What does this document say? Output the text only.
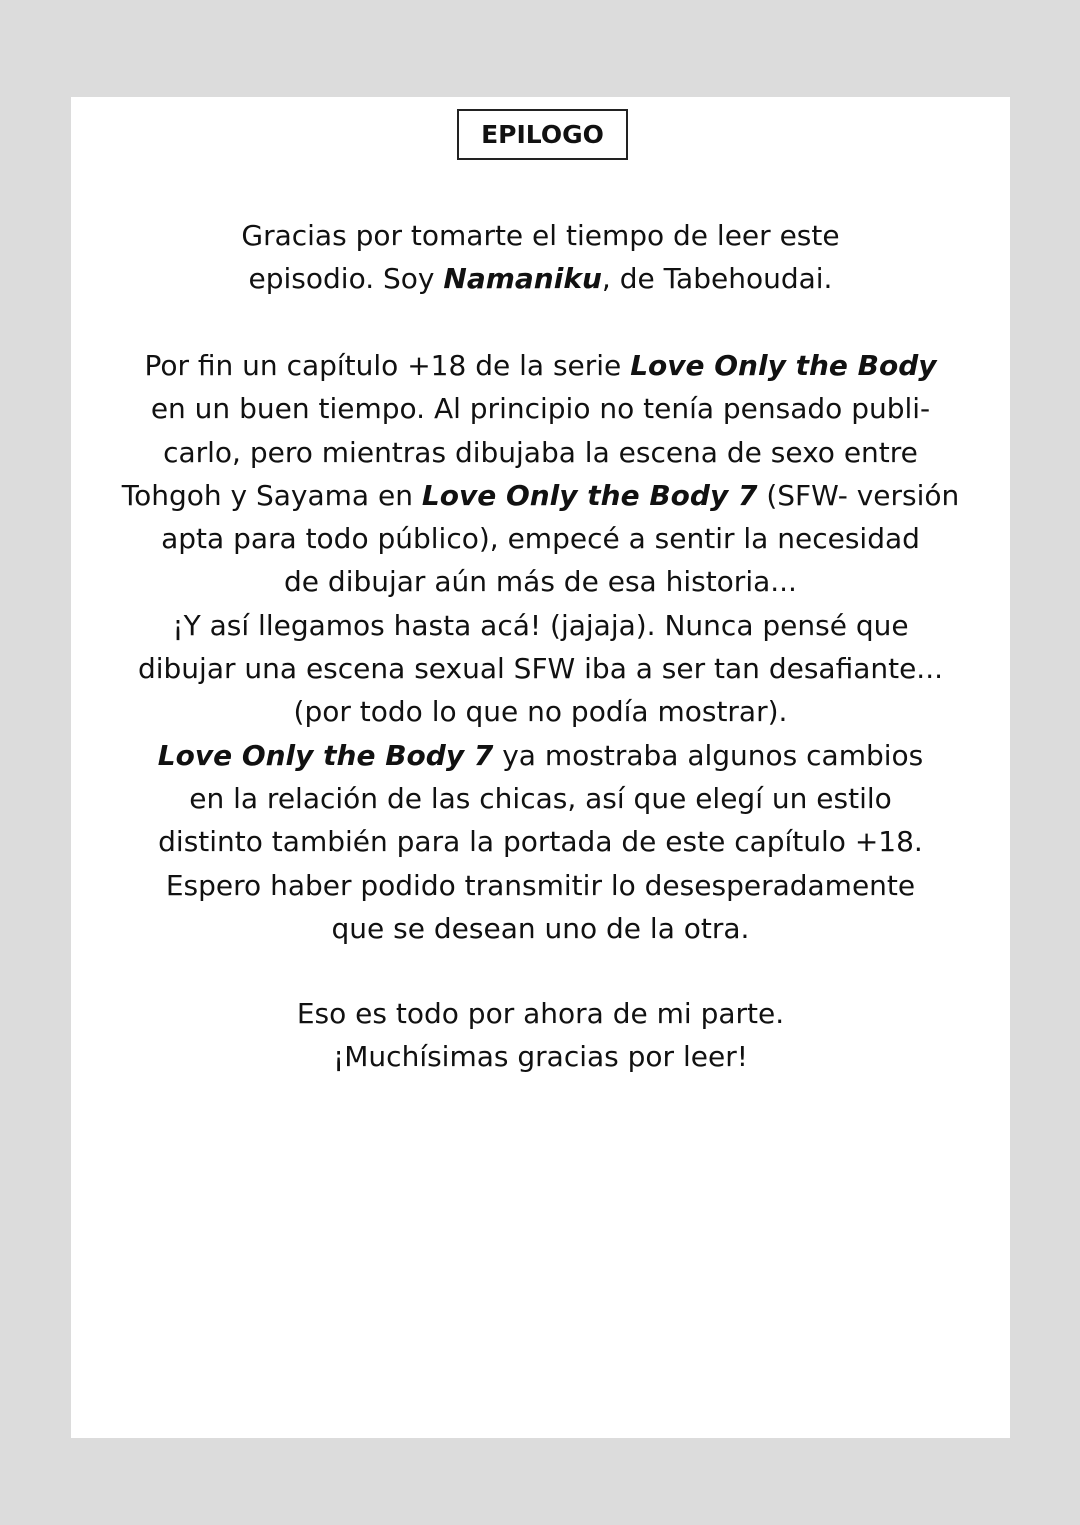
EPILOGO
Gracias por tomarte el tiempo de leer este
episodio. Soy Namaniku, de Tabehoudai.
Por fin un capítulo +18 de la serie Love Only the Body
en un buen tiempo. Al principio no tenía pensado publi-
carlo, pero mientras dibujaba la escena de sexo entre
Tohgoh y Sayama en Love Only the Body 7 (SFW- versión
apta para todo público), empecé a sentir la necesidad
de dibujar aún más de esa historia...
¡Y así llegamos hasta acá! (jajaja). Nunca pensé que
dibujar una escena sexual SFW iba a ser tan desafiante...
(por todo lo que no podía mostrar).
Love Only the Body 7 ya mostraba algunos cambios
en la relación de las chicas, así que elegí un estilo
distinto también para la portada de este capítulo +18.
Espero haber podido transmitir lo desesperadamente
que se desean uno de la otra.
Eso es todo por ahora de mi parte.
¡Muchísimas gracias por leer!
